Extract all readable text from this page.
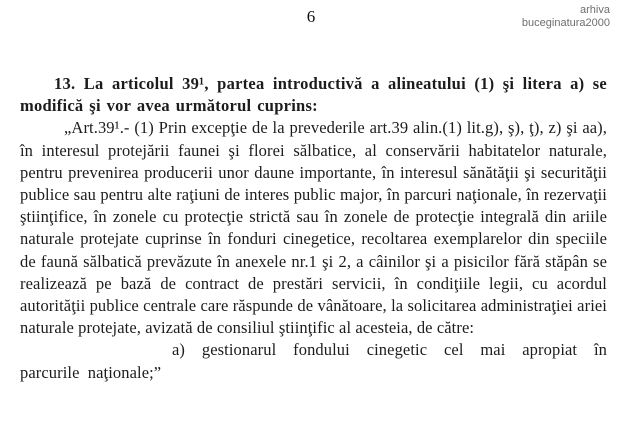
6	arhiva
buceginatura2000

13. La articolul 39¹, partea introductivă a alineatului (1) şi litera a) se modifică şi vor avea următorul cuprins:

„Art.39¹.- (1) Prin excepţie de la prevederile art.39 alin.(1) lit.g), ş), ţ), z) şi aa), în interesul protejării faunei şi florei sălbatice, al conservării habitatelor naturale, pentru prevenirea producerii unor daune importante, în interesul sănătăţii şi securităţii publice sau pentru alte raţiuni de interes public major, în parcuri naţionale, în rezervaţii ştiinţifice, în zonele cu protecţie strictă sau în zonele de protecţie integrală din ariile naturale protejate cuprinse în fonduri cinegetice, recoltarea exemplarelor din speciile de faună sălbatică prevăzute în anexele nr.1 şi 2, a câinilor şi a pisicilor fără stăpân se realizează pe bază de contract de prestări servicii, în condiţiile legii, cu acordul autorităţii publice centrale care răspunde de vânătoare, la solicitarea administraţiei ariei naturale protejate, avizată de consiliul ştiinţific al acesteia, de către:

a) gestionarul fondului cinegetic cel mai apropiat în parcurile naţionale;”
